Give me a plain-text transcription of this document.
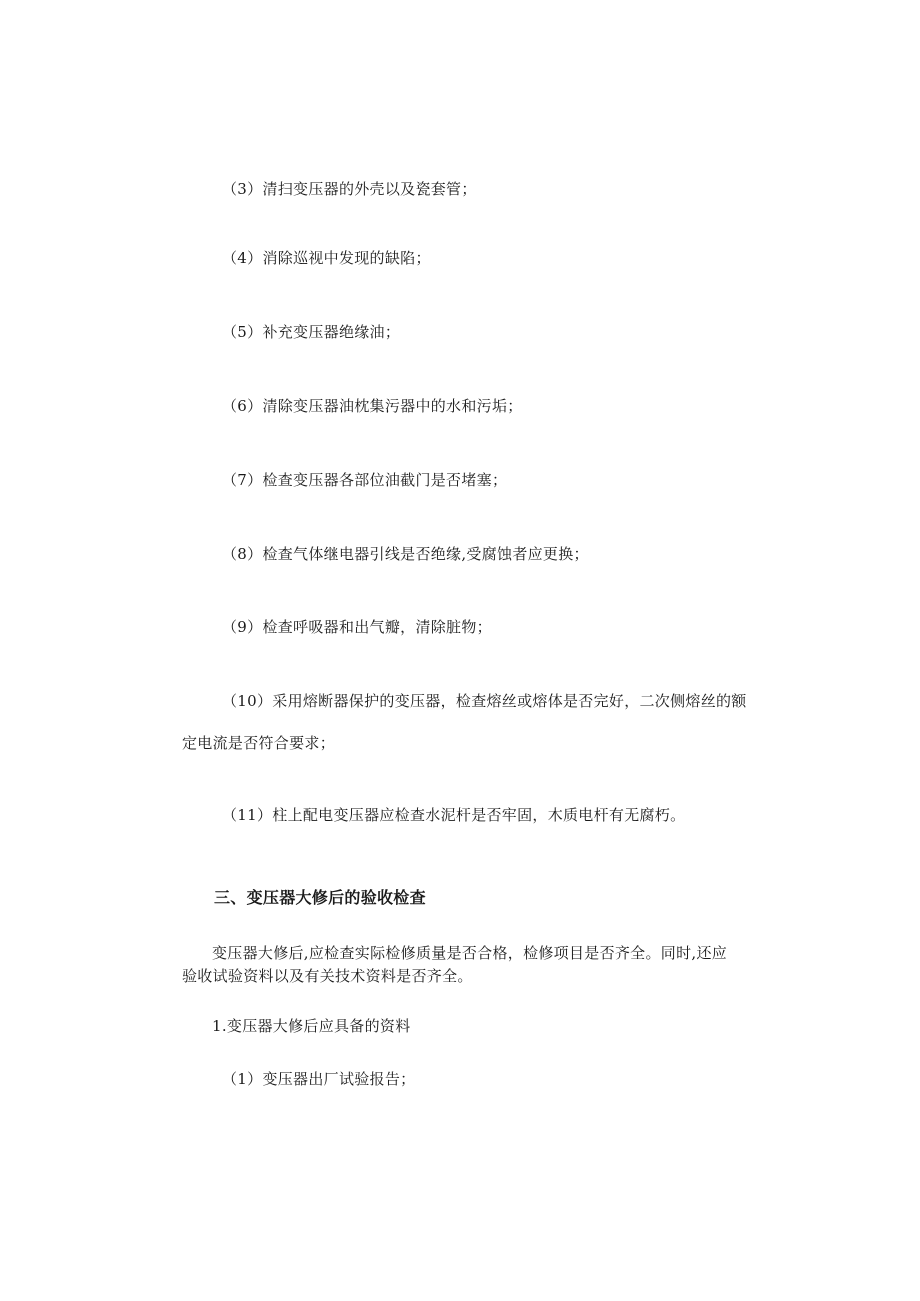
（3）清扫变压器的外壳以及瓷套管；
（4）消除巡视中发现的缺陷；
（5）补充变压器绝缘油；
（6）清除变压器油枕集污器中的水和污垢；
（7）检查变压器各部位油截门是否堵塞；
（8）检查气体继电器引线是否绝缘,受腐蚀者应更换；
（9）检查呼吸器和出气瓣，清除脏物；
（10）采用熔断器保护的变压器，检查熔丝或熔体是否完好，二次侧熔丝的额
定电流是否符合要求；
（11）柱上配电变压器应检查水泥杆是否牢固，木质电杆有无腐朽。
三、变压器大修后的验收检查
变压器大修后,应检查实际检修质量是否合格，检修项目是否齐全。同时,还应
验收试验资料以及有关技术资料是否齐全。
1.变压器大修后应具备的资料
（1）变压器出厂试验报告；
